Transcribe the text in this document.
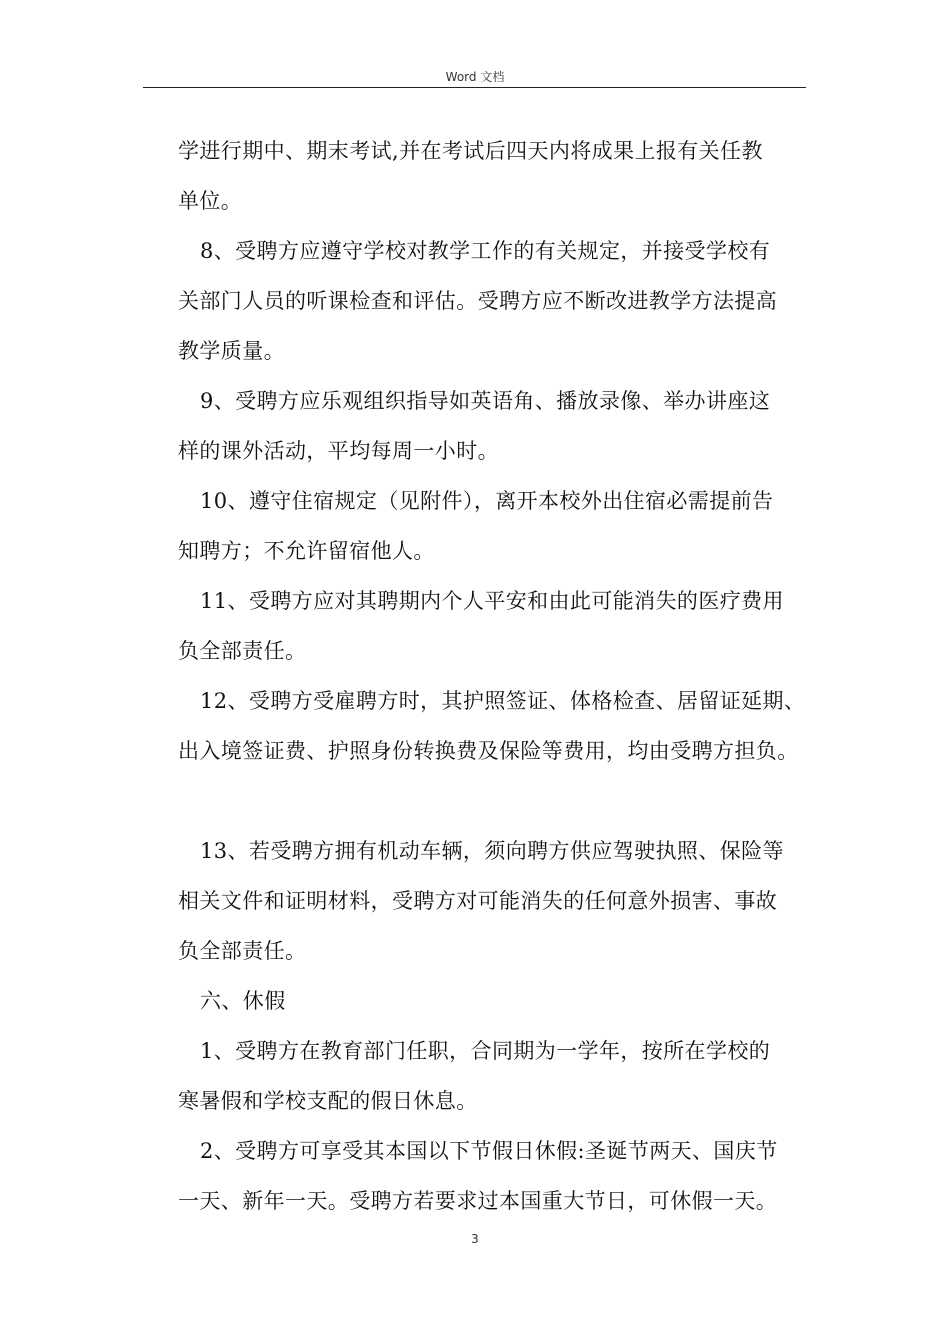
Word 文档
学进行期中、期末考试,并在考试后四天内将成果上报有关任教
单位。
8、受聘方应遵守学校对教学工作的有关规定，并接受学校有
关部门人员的听课检查和评估。受聘方应不断改进教学方法提高
教学质量。
9、受聘方应乐观组织指导如英语角、播放录像、举办讲座这
样的课外活动，平均每周一小时。
10、遵守住宿规定（见附件），离开本校外出住宿必需提前告
知聘方；不允许留宿他人。
11、受聘方应对其聘期内个人平安和由此可能消失的医疗费用
负全部责任。
12、受聘方受雇聘方时，其护照签证、体格检查、居留证延期、
出入境签证费、护照身份转换费及保险等费用，均由受聘方担负。
13、若受聘方拥有机动车辆，须向聘方供应驾驶执照、保险等
相关文件和证明材料，受聘方对可能消失的任何意外损害、事故
负全部责任。
六、休假
1、受聘方在教育部门任职，合同期为一学年，按所在学校的
寒暑假和学校支配的假日休息。
2、受聘方可享受其本国以下节假日休假:圣诞节两天、国庆节
一天、新年一天。受聘方若要求过本国重大节日，可休假一天。
3
